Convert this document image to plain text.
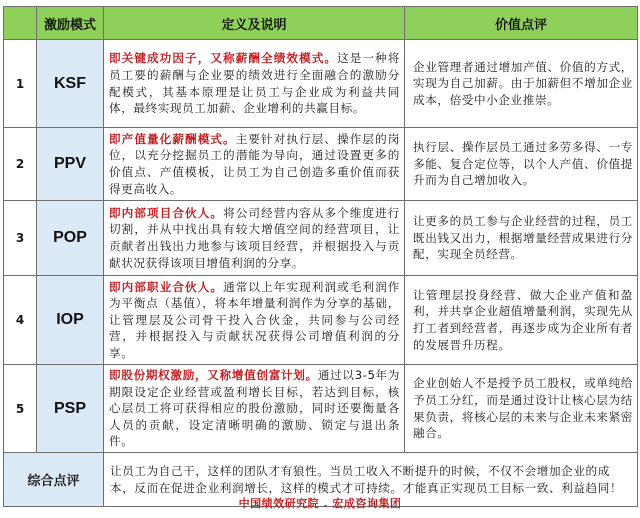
	激励模式	定义及说明	价值点评
1	KSF	即关键成功因子，又称薪酬全绩效模式。这是一种将员工要的薪酬与企业要的绩效进行全面融合的激励分配模式，其基本原理是让员工与企业成为利益共同体，最终实现员工加薪、企业增利的共赢目标。	企业管理者通过增加产值、价值的方式，实现为自己加薪。由于加薪但不增加企业成本，倍受中小企业推崇。
2	PPV	即产值量化薪酬模式。主要针对执行层、操作层的岗位，以充分挖掘员工的潜能为导向，通过设置更多的价值点、产值模板，让员工为自己创造多重价值而获得更高收入。	执行层、操作层员工通过多劳多得、一专多能、复合定位等，以个人产值、价值提升而为自己增加收入。
3	POP	即内部项目合伙人。将公司经营内容从多个维度进行切割，并从中找出具有较大增值空间的经营项目，让贡献者出钱出力地参与该项目经营，并根据投入与贡献状况获得该项目增值利润的分享。	让更多的员工参与企业经营的过程，员工既出钱又出力，根据增量经营成果进行分配，实现全员经营。
4	IOP	即内部职业合伙人。通常以上年实现利润或毛利润作为平衡点（基值），将本年增量利润作为分享的基础，让管理层及公司骨干投入合伙金，共同参与公司经营，并根据投入与贡献状况获得公司增值利润的分享。	让管理层投身经营、做大企业产值和盈利，并共享企业超值增量利润，实现先从打工者到经营者，再逐步成为企业所有者的发展晋升历程。
5	PSP	即股份期权激励，又称增值创富计划。通过以3-5年为期限设定企业经营或盈利增长目标，若达到目标，核心层员工将可获得相应的股份激励，同时还要衡量各人员的贡献，设定清晰明确的激励、锁定与退出条件。	企业创始人不是授予员工股权，或单纯给予员工分红，而是通过设计让核心层为结果负责，将核心层的未来与企业未来紧密融合。
综合点评		让员工为自己干，这样的团队才有狼性。当员工收入不断提升的时候，不仅不会增加企业的成本，反而在促进企业利润增长，这样的模式才可持续。才能真正实现员工目标一致、利益趋同！	
中国绩效研究院 . 宏成咨询集团
